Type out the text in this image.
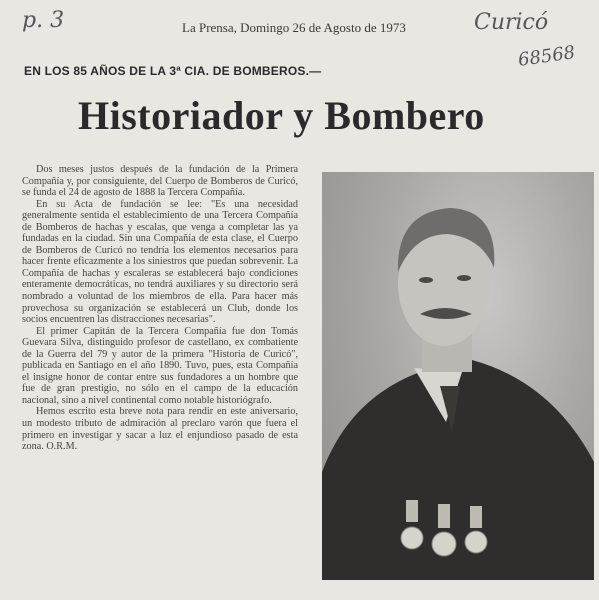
p. 3	Curicó
68568
La Prensa, Domingo 26 de Agosto de 1973
EN LOS 85 AÑOS DE LA 3ª CIA. DE BOMBEROS.—
Historiador y Bombero

Dos meses justos después de la fundación de la Primera Compañía y, por consiguiente, del Cuerpo de Bomberos de Curicó, se funda el 24 de agosto de 1888 la Tercera Compañía.

En su Acta de fundación se lee: "Es una necesidad generalmente sentida el establecimiento de una Tercera Compañía de Bomberos de hachas y escalas, que venga a completar las ya fundadas en la ciudad. Sin una Compañía de esta clase, el Cuerpo de Bomberos de Curicó no tendría los elementos necesarios para hacer frente eficazmente a los siniestros que puedan sobrevenir. La Compañía de hachas y escaleras se establecerá bajo condiciones enteramente democráticas, no tendrá auxiliares y su directorio será nombrado a voluntad de los miembros de ella. Para hacer más provechosa su organización se establecerá un Club, donde los socios encuentren las distracciones necesarias".

El primer Capitán de la Tercera Compañía fue don Tomás Guevara Silva, distinguido profesor de castellano, ex combatiente de la Guerra del 79 y autor de la primera "Historia de Curicó", publicada en Santiago en el año 1890. Tuvo, pues, esta Compañía el insigne honor de contar entre sus fundadores a un hombre que fue de gran prestigio, no sólo en el campo de la educación nacional, sino a nivel continental como notable historiógrafo.

Hemos escrito esta breve nota para rendir en este aniversario, un modesto tributo de admiración al preclaro varón que fuera el primero en investigar y sacar a luz el enjundioso pasado de esta zona. O.R.M.
